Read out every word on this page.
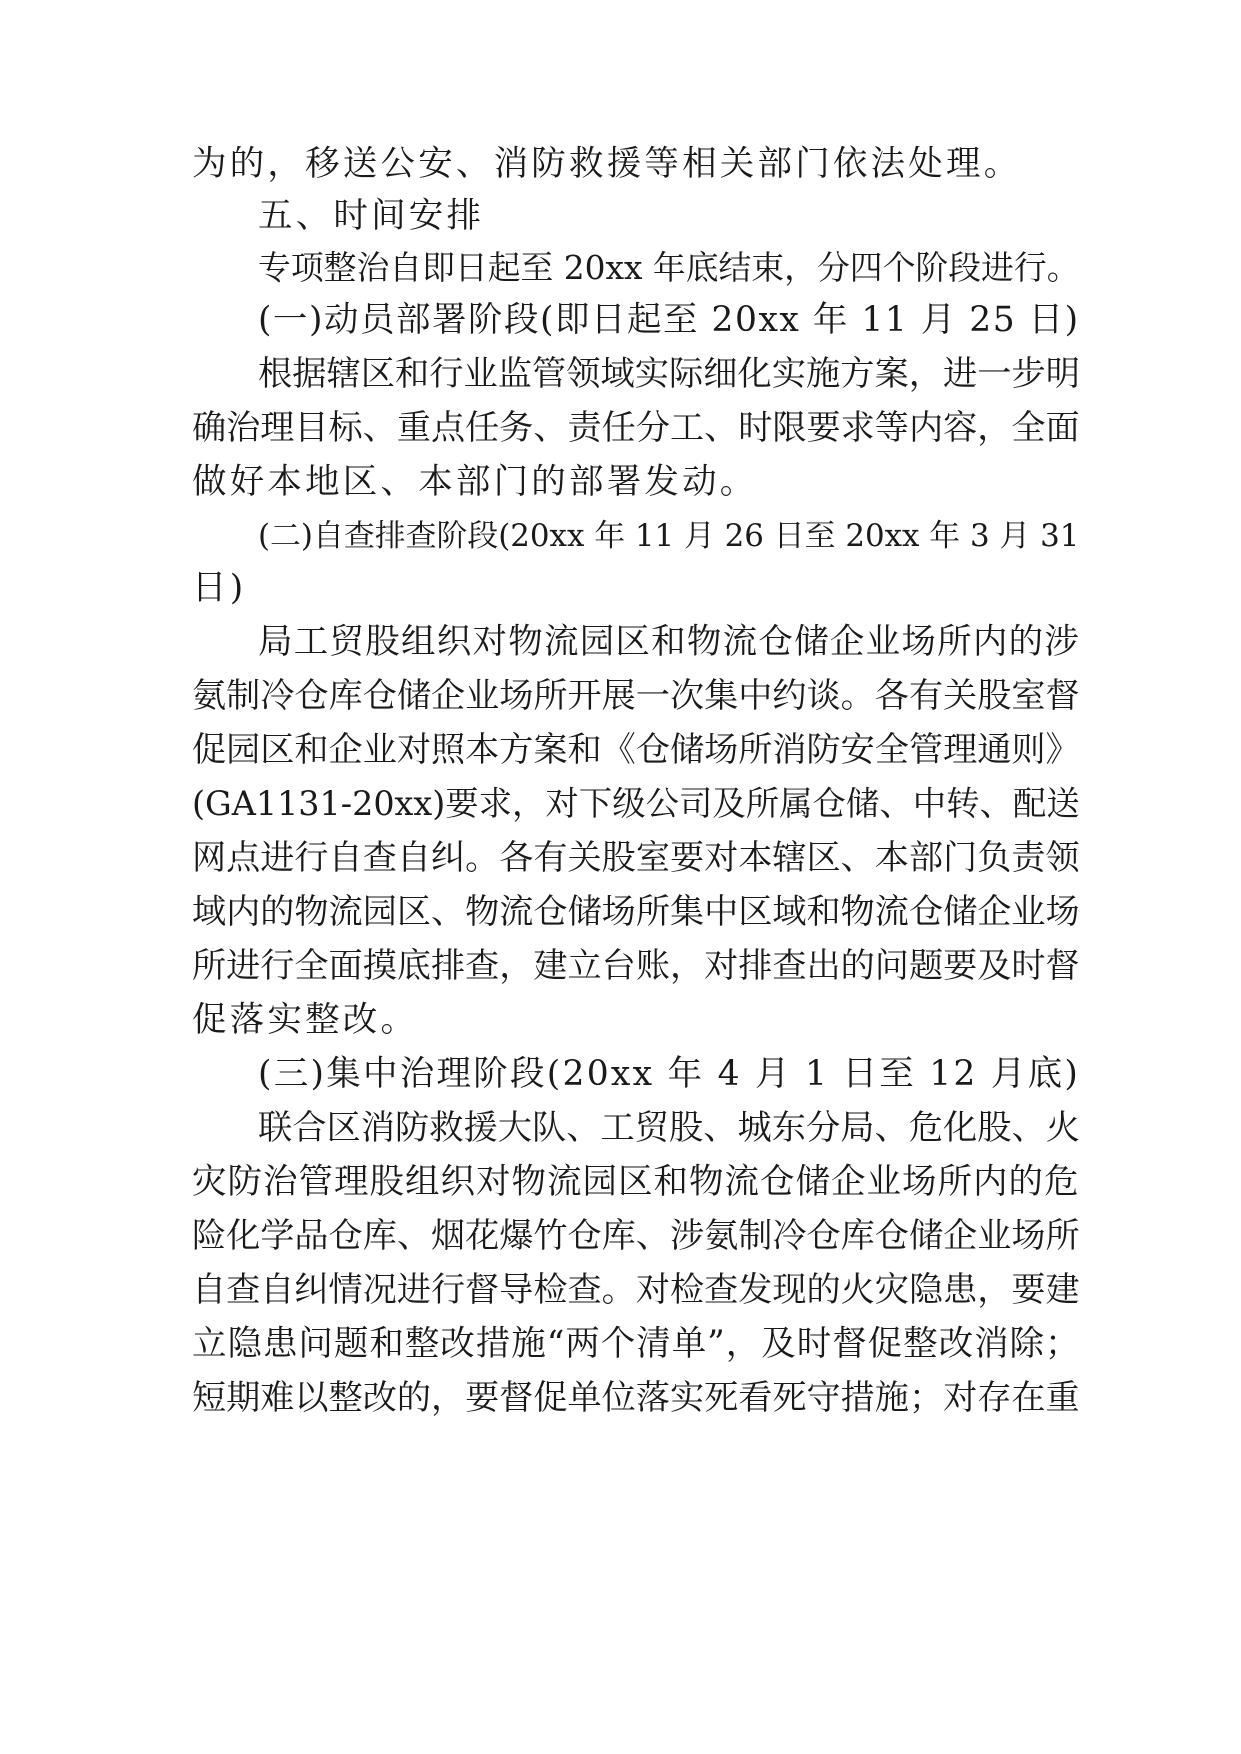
为的，移送公安、消防救援等相关部门依法处理。
五、时间安排
专项整治自即日起至 20xx 年底结束，分四个阶段进行。
(一)动员部署阶段(即日起至 20xx 年 11 月 25 日)
根据辖区和行业监管领域实际细化实施方案，进一步明
确治理目标、重点任务、责任分工、时限要求等内容，全面
做好本地区、本部门的部署发动。
(二)自查排查阶段(20xx 年 11 月 26 日至 20xx 年 3 月 31
日)
局工贸股组织对物流园区和物流仓储企业场所内的涉
氨制冷仓库仓储企业场所开展一次集中约谈。各有关股室督
促园区和企业对照本方案和《仓储场所消防安全管理通则》
(GA1131-20xx)要求，对下级公司及所属仓储、中转、配送
网点进行自查自纠。各有关股室要对本辖区、本部门负责领
域内的物流园区、物流仓储场所集中区域和物流仓储企业场
所进行全面摸底排查，建立台账，对排查出的问题要及时督
促落实整改。
(三)集中治理阶段(20xx 年 4 月 1 日至 12 月底)
联合区消防救援大队、工贸股、城东分局、危化股、火
灾防治管理股组织对物流园区和物流仓储企业场所内的危
险化学品仓库、烟花爆竹仓库、涉氨制冷仓库仓储企业场所
自查自纠情况进行督导检查。对检查发现的火灾隐患，要建
立隐患问题和整改措施“两个清单”，及时督促整改消除；
短期难以整改的，要督促单位落实死看死守措施；对存在重
